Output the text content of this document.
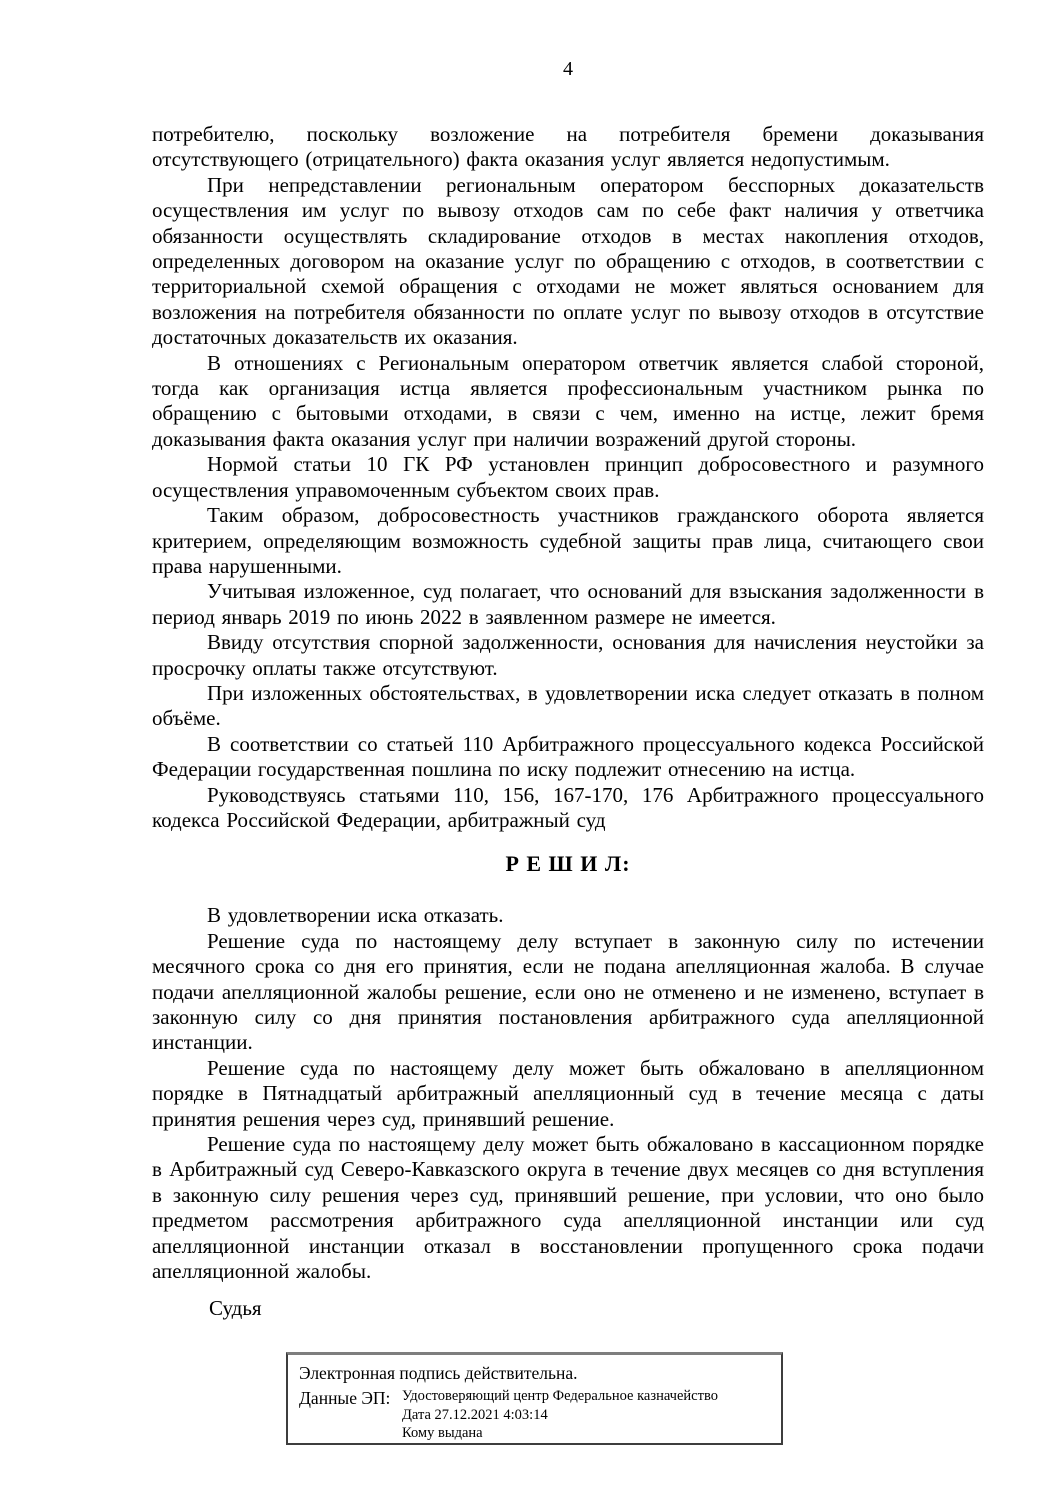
4

потребителю, поскольку возложение на потребителя бремени доказывания отсутствующего (отрицательного) факта оказания услуг является недопустимым.

При непредставлении региональным оператором бесспорных доказательств осуществления им услуг по вывозу отходов сам по себе факт наличия у ответчика обязанности осуществлять складирование отходов в местах накопления отходов, определенных договором на оказание услуг по обращению с отходов, в соответствии с территориальной схемой обращения с отходами не может являться основанием для возложения на потребителя обязанности по оплате услуг по вывозу отходов в отсутствие достаточных доказательств их оказания.

В отношениях с Региональным оператором ответчик является слабой стороной, тогда как организация истца является профессиональным участником рынка по обращению с бытовыми отходами, в связи с чем, именно на истце, лежит бремя доказывания факта оказания услуг при наличии возражений другой стороны.

Нормой статьи 10 ГК РФ установлен принцип добросовестного и разумного осуществления управомоченным субъектом своих прав.

Таким образом, добросовестность участников гражданского оборота является критерием, определяющим возможность судебной защиты прав лица, считающего свои права нарушенными.

Учитывая изложенное, суд полагает, что оснований для взыскания задолженности в период январь 2019 по июнь 2022 в заявленном размере не имеется.

Ввиду отсутствия спорной задолженности, основания для начисления неустойки за просрочку оплаты также отсутствуют.

При изложенных обстоятельствах, в удовлетворении иска следует отказать в полном объёме.

В соответствии со статьей 110 Арбитражного процессуального кодекса Российской Федерации государственная пошлина по иску подлежит отнесению на истца.

Руководствуясь статьями 110, 156, 167-170, 176 Арбитражного процессуального кодекса Российской Федерации, арбитражный суд

Р Е Ш И Л:

В удовлетворении иска отказать.

Решение суда по настоящему делу вступает в законную силу по истечении месячного срока со дня его принятия, если не подана апелляционная жалоба. В случае подачи апелляционной жалобы решение, если оно не отменено и не изменено, вступает в законную силу со дня принятия постановления арбитражного суда апелляционной инстанции.

Решение суда по настоящему делу может быть обжаловано в апелляционном порядке в Пятнадцатый арбитражный апелляционный суд в течение месяца с даты принятия решения через суд, принявший решение.

Решение суда по настоящему делу может быть обжаловано в кассационном порядке в Арбитражный суд Северо-Кавказского округа в течение двух месяцев со дня вступления в законную силу решения через суд, принявший решение, при условии, что оно было предметом рассмотрения арбитражного суда апелляционной инстанции или суд апелляционной инстанции отказал в восстановлении пропущенного срока подачи апелляционной жалобы.

Судья

Электронная подпись действительна.
Данные ЭП: Удостоверяющий центр Федеральное казначейство
Дата 27.12.2021 4:03:14
Кому выдана
